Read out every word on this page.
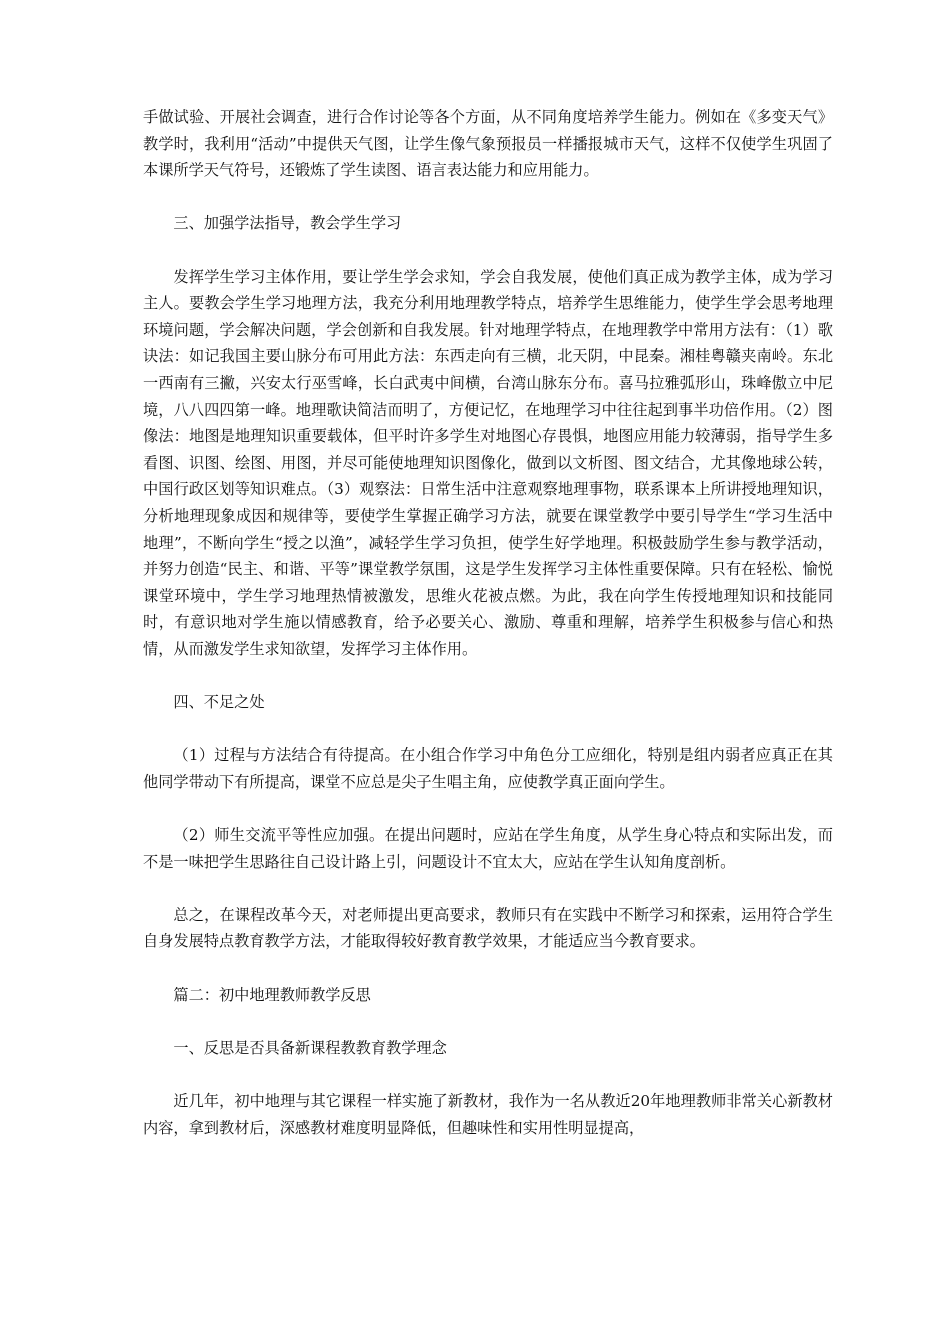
手做试验、开展社会调查，进行合作讨论等各个方面，从不同角度培养学生能力。例如在《多变天气》教学时，我利用“活动”中提供天气图，让学生像气象预报员一样播报城市天气，这样不仅使学生巩固了本课所学天气符号，还锻炼了学生读图、语言表达能力和应用能力。

三、加强学法指导，教会学生学习

发挥学生学习主体作用，要让学生学会求知，学会自我发展，使他们真正成为教学主体，成为学习主人。要教会学生学习地理方法，我充分利用地理教学特点，培养学生思维能力，使学生学会思考地理环境问题，学会解决问题，学会创新和自我发展。针对地理学特点，在地理教学中常用方法有：（1）歌诀法：如记我国主要山脉分布可用此方法：东西走向有三横，北天阴，中昆秦。湘桂粤赣夹南岭。东北一西南有三撇，兴安太行巫雪峰，长白武夷中间横，台湾山脉东分布。喜马拉雅弧形山，珠峰傲立中尼境，八八四四第一峰。地理歌诀简洁而明了，方便记忆，在地理学习中往往起到事半功倍作用。（2）图像法：地图是地理知识重要载体，但平时许多学生对地图心存畏惧，地图应用能力较薄弱，指导学生多看图、识图、绘图、用图，并尽可能使地理知识图像化，做到以文析图、图文结合，尤其像地球公转，中国行政区划等知识难点。（3）观察法：日常生活中注意观察地理事物，联系课本上所讲授地理知识，分析地理现象成因和规律等，要使学生掌握正确学习方法，就要在课堂教学中要引导学生“学习生活中地理”，不断向学生“授之以渔”，减轻学生学习负担，使学生好学地理。积极鼓励学生参与教学活动，并努力创造“民主、和谐、平等”课堂教学氛围，这是学生发挥学习主体性重要保障。只有在轻松、愉悦课堂环境中，学生学习地理热情被激发，思维火花被点燃。为此，我在向学生传授地理知识和技能同时，有意识地对学生施以情感教育，给予必要关心、激励、尊重和理解，培养学生积极参与信心和热情，从而激发学生求知欲望，发挥学习主体作用。

四、不足之处

（1）过程与方法结合有待提高。在小组合作学习中角色分工应细化，特别是组内弱者应真正在其他同学带动下有所提高，课堂不应总是尖子生唱主角，应使教学真正面向学生。

（2）师生交流平等性应加强。在提出问题时，应站在学生角度，从学生身心特点和实际出发，而不是一味把学生思路往自己设计路上引，问题设计不宜太大，应站在学生认知角度剖析。

总之，在课程改革今天，对老师提出更高要求，教师只有在实践中不断学习和探索，运用符合学生自身发展特点教育教学方法，才能取得较好教育教学效果，才能适应当今教育要求。

篇二：初中地理教师教学反思

一、反思是否具备新课程教教育教学理念

近几年，初中地理与其它课程一样实施了新教材，我作为一名从教近20年地理教师非常关心新教材内容，拿到教材后，深感教材难度明显降低，但趣味性和实用性明显提高，
